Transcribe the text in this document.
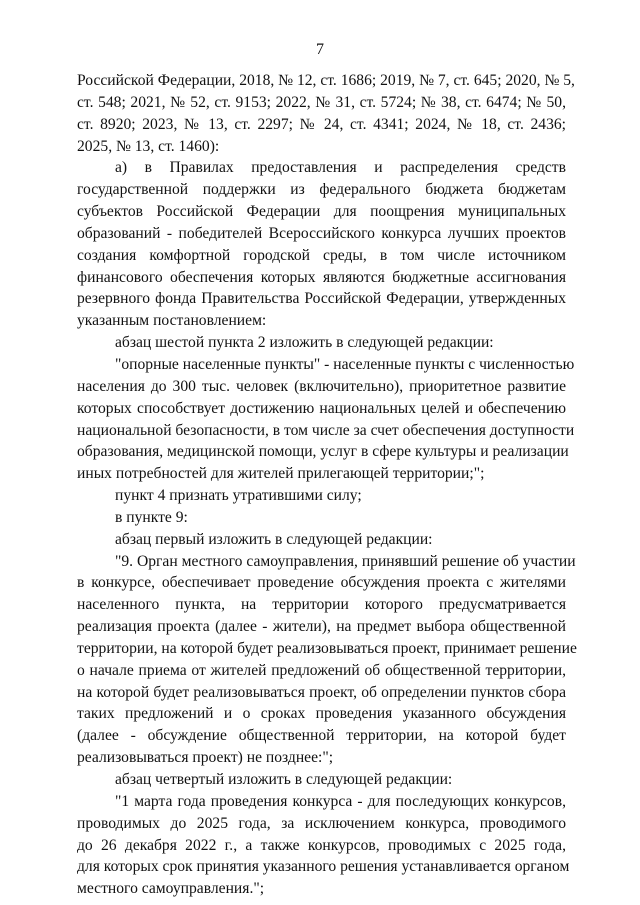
7
Российской Федерации, 2018, № 12, ст. 1686; 2019, № 7, ст. 645; 2020, № 5,
ст. 548; 2021, № 52, ст. 9153; 2022, № 31, ст. 5724; № 38, ст. 6474; № 50,
ст. 8920; 2023, № 13, ст. 2297; № 24, ст. 4341; 2024, № 18, ст. 2436;
2025, № 13, ст. 1460):
а) в Правилах предоставления и распределения средств
государственной поддержки из федерального бюджета бюджетам
субъектов Российской Федерации для поощрения муниципальных
образований - победителей Всероссийского конкурса лучших проектов
создания комфортной городской среды, в том числе источником
финансового обеспечения которых являются бюджетные ассигнования
резервного фонда Правительства Российской Федерации, утвержденных
указанным постановлением:
абзац шестой пункта 2 изложить в следующей редакции:
"опорные населенные пункты" - населенные пункты с численностью
населения до 300 тыс. человек (включительно), приоритетное развитие
которых способствует достижению национальных целей и обеспечению
национальной безопасности, в том числе за счет обеспечения доступности
образования, медицинской помощи, услуг в сфере культуры и реализации
иных потребностей для жителей прилегающей территории;";
пункт 4 признать утратившими силу;
в пункте 9:
абзац первый изложить в следующей редакции:
"9. Орган местного самоуправления, принявший решение об участии
в конкурсе, обеспечивает проведение обсуждения проекта с жителями
населенного пункта, на территории которого предусматривается
реализация проекта (далее - жители), на предмет выбора общественной
территории, на которой будет реализовываться проект, принимает решение
о начале приема от жителей предложений об общественной территории,
на которой будет реализовываться проект, об определении пунктов сбора
таких предложений и о сроках проведения указанного обсуждения
(далее - обсуждение общественной территории, на которой будет
реализовываться проект) не позднее:";
абзац четвертый изложить в следующей редакции:
"1 марта года проведения конкурса - для последующих конкурсов,
проводимых до 2025 года, за исключением конкурса, проводимого
до 26 декабря 2022 г., а также конкурсов, проводимых с 2025 года,
для которых срок принятия указанного решения устанавливается органом
местного самоуправления.";
